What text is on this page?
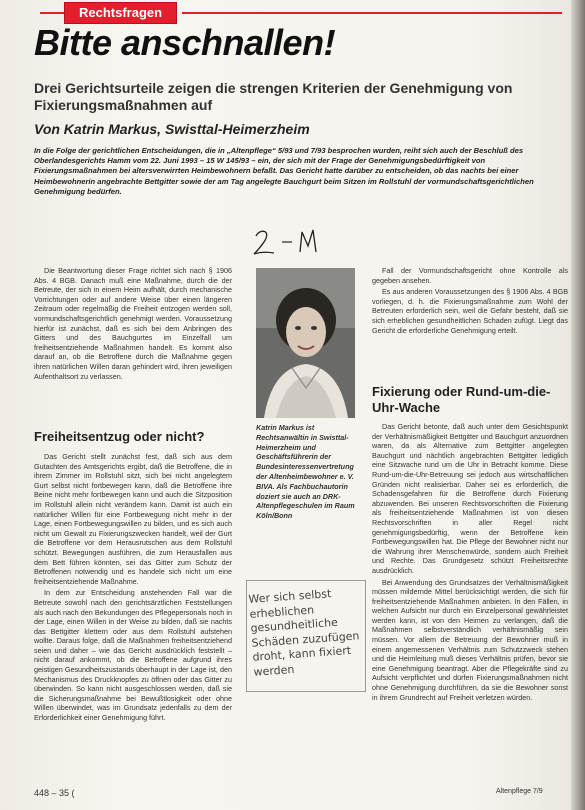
Rechtsfragen
Bitte anschnallen!

Drei Gerichtsurteile zeigen die strengen Kriterien der Genehmigung von Fixierungsmaßnahmen auf

Von Katrin Markus, Swisttal-Heimerzheim

In die Folge der gerichtlichen Entscheidungen, die in „Altenpflege“ 5/93 und 7/93 besprochen wurden, reiht sich auch der Beschluß des Oberlandesgerichts Hamm vom 22. Juni 1993 – 15 W 145/93 – ein, der sich mit der Frage der Genehmigungsbedürftigkeit von Fixierungsmaßnahmen bei altersverwirrten Heimbewohnern befaßt. Das Gericht hatte darüber zu entscheiden, ob das nachts bei einer Heimbewohnerin angebrachte Bettgitter sowie der am Tag angelegte Bauchgurt beim Sitzen im Rollstuhl der vormundschaftsgerichtlichen Genehmigung bedürfen.

Die Beantwortung dieser Frage richtet sich nach § 1906 Abs. 4 BGB. Danach muß eine Maßnahme, durch die der Betreute, der sich in einem Heim aufhält, durch mechanische Vorrichtungen oder auf andere Weise über einen längeren Zeitraum oder regelmäßig die Freiheit entzogen werden soll, vormundschaftsgerichtlich genehmigt werden. Voraussetzung hierfür ist zunächst, daß es sich bei dem Anbringen des Gitters und des Bauchgurtes im Einzelfall um freiheitsentziehende Maßnahmen handelt. Es kommt also darauf an, ob die Betroffene durch die Maßnahme gegen ihren natürlichen Willen daran gehindert wird, ihren jeweiligen Aufenthaltsort zu verlassen.

Freiheitsentzug oder nicht?

Das Gericht stellt zunächst fest, daß sich aus dem Gutachten des Amtsgerichts ergibt, daß die Betroffene, die in ihrem Zimmer im Rollstuhl sitzt, sich bei nicht angelegtem Gurt selbst nicht fortbewegen kann, daß die Betroffene ihre Beine nicht mehr fortbewegen kann und auch die Sitzposition im Rollstuhl allein nicht verändern kann. Damit ist auch ein natürlicher Willen für eine Fortbewegung nicht mehr in der Lage, einen Fortbewegungswillen zu bilden, und es sich auch nicht um Gewalt zu Fixierungszwecken handelt, weil der Gurt die Betroffene vor dem Herausrutschen aus dem Rollstuhl schützt. Bewegungen ausführen, die zum Herausfallen aus dem Bett führen könnten, sei das Gitter zum Schutz der Betroffenen notwendig und es handele sich nicht um eine freiheitsentziehende Maßnahme.

In dem zur Entscheidung anstehenden Fall war die Betreute sowohl nach den gerichtsärztlichen Feststellungen als auch nach den Bekundungen des Pflegepersonals noch in der Lage, einen Willen in der Weise zu bilden, daß sie nachts das Bettgitter klettern oder aus dem Rollstuhl aufstehen wollte. Daraus folge, daß die Maßnahmen freiheitsentziehend seien und daher – wie das Gericht ausdrücklich feststellt – nicht darauf ankommt, ob die Betroffene aufgrund ihres geistigen Gesundheitszustands überhaupt in der Lage ist, den Mechanismus des Druckknopfes zu öffnen oder das Gitter zu überwinden. So kann nicht ausgeschlossen werden, daß sie die Sicherungsmaßnahme bei Bewußtlosigkeit oder ohne Willen überwindet, was im Grundsatz jedenfalls zu dem der Erforderlichkeit einer Genehmigung führt.

Katrin Markus ist Rechtsanwältin in Swisttal-Heimerzheim und Geschäftsführerin der Bundesinteressenvertretung der Altenheimbewohner e. V. BIVA. Als Fachbuchautorin doziert sie auch an DRK-Altenpflegeschulen im Raum Köln/Bonn

Fall der Vormundschaftsgericht ohne Kontrolle als gegeben ansehen.

Es aus anderen Voraussetzungen des § 1906 Abs. 4 BGB vorliegen, d. h. die Fixierungsmaßnahme zum Wohl der Betreuten erforderlich sein, weil die Gefahr besteht, daß sie sich erheblichen gesundheitlichen Schaden zufügt. Liegt das Gericht die erforderliche Genehmigung erteilt.

Fixierung oder Rund-um-die-Uhr-Wache

Das Gericht betonte, daß auch unter dem Gesichtspunkt der Verhältnismäßigkeit Bettgitter und Bauchgurt anzuordnen waren, da als Alternative zum Bettgitter angelegten Bauchgurt und nächtlich angebrachten Bettgitter lediglich eine Sitzwache rund um die Uhr in Betracht komme. Diese Rund-um-die-Uhr-Betreuung sei jedoch aus wirtschaftlichen Gründen nicht realisierbar. Daher sei es erforderlich, die Schadensgefahren für die Betroffene durch Fixierung abzuwenden. Bei unseren Rechtsvorschriften die Fixierung als freiheitsentziehende Maßnahmen ist von diesen Rechtsvorschriften in aller Regel nicht genehmigungsbedürftig, wenn der Betroffene kein Fortbewegungswillen hat. Die Pflege der Bewohner nicht nur die Wahrung ihrer Menschenwürde, sondern auch Freiheit und Rechte. Das Grundgesetz schützt Freiheitsrechte ausdrücklich.

Bei Anwendung des Grundsatzes der Verhältnismäßigkeit müssen mildernde Mittel berücksichtigt werden, die sich für freiheitsentziehende Maßnahmen anbieten. In den Fällen, in welchen Aufsicht nur durch ein Einzelpersonal gewährleistet werden kann, ist von den Heimen zu verlangen, daß die Maßnahmen selbstverständlich verhältnismäßig sein müssen. Vor allem die Betreuung der Bewohner muß in einem angemessenen Verhältnis zum Schutzzweck stehen und die Heimleitung muß dieses Verhältnis prüfen, bevor sie eine Genehmigung beantragt. Aber die Pflegekräfte sind zu Aufsicht verpflichtet und dürfen Fixierungsmaßnahmen nicht ohne Genehmigung durchführen, da sie die Bewohner sonst in ihrem Grundrecht auf Freiheit verletzen würden.

Wer sich selbst erheblichen gesundheitliche Schäden zuzufügen droht, kann fixiert werden

448 – 35 (	Altenpflege 7/9
